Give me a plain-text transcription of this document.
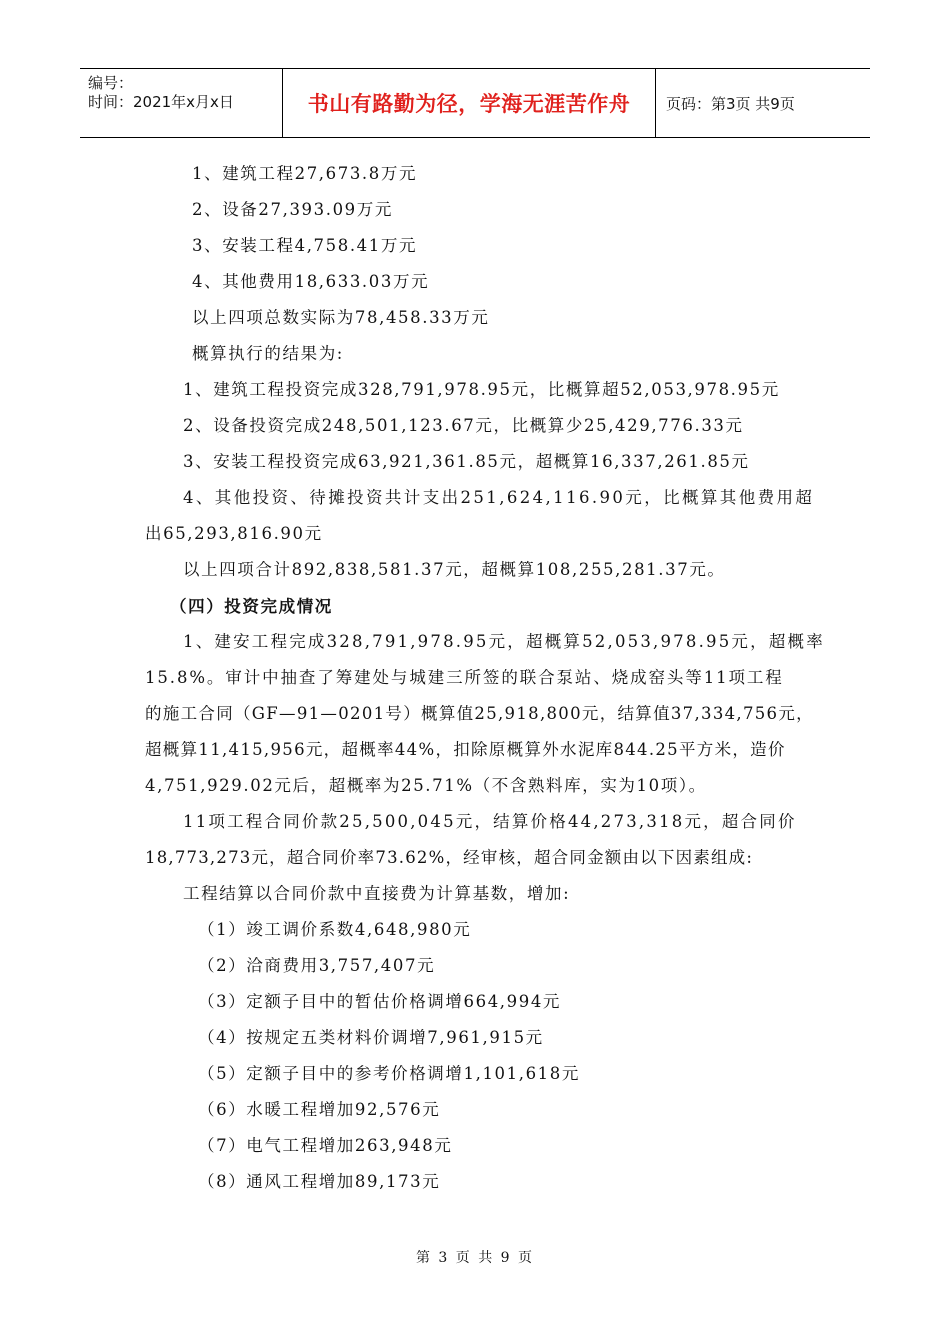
编号：
时间：2021年x月x日	书山有路勤为径，学海无涯苦作舟 页码：第3页 共9页
1、建筑工程27,673.8万元
2、设备27,393.09万元
3、安装工程4,758.41万元
4、其他费用18,633.03万元
以上四项总数实际为78,458.33万元
概算执行的结果为:
1、建筑工程投资完成328,791,978.95元，比概算超52,053,978.95元
2、设备投资完成248,501,123.67元，比概算少25,429,776.33元
3、安装工程投资完成63,921,361.85元，超概算16,337,261.85元
4、其他投资、待摊投资共计支出251,624,116.90元，比概算其他费用超
出65,293,816.90元
以上四项合计892,838,581.37元，超概算108,255,281.37元。
（四）投资完成情况
1、建安工程完成328,791,978.95元，超概算52,053,978.95元，超概率
15.8%。审计中抽查了筹建处与城建三所签的联合泵站、烧成窑头等11项工程
的施工合同（GF—91—0201号）概算值25,918,800元，结算值37,334,756元，
超概算11,415,956元，超概率44%，扣除原概算外水泥库844.25平方米，造价
4,751,929.02元后，超概率为25.71%（不含熟料库，实为10项）。
11项工程合同价款25,500,045元，结算价格44,273,318元，超合同价
18,773,273元，超合同价率73.62%，经审核，超合同金额由以下因素组成:
工程结算以合同价款中直接费为计算基数，增加:
（1）竣工调价系数4,648,980元
（2）洽商费用3,757,407元
（3）定额子目中的暂估价格调增664,994元
（4）按规定五类材料价调增7,961,915元
（5）定额子目中的参考价格调增1,101,618元
（6）水暖工程增加92,576元
（7）电气工程增加263,948元
（8）通风工程增加89,173元
第 3 页 共 9 页
